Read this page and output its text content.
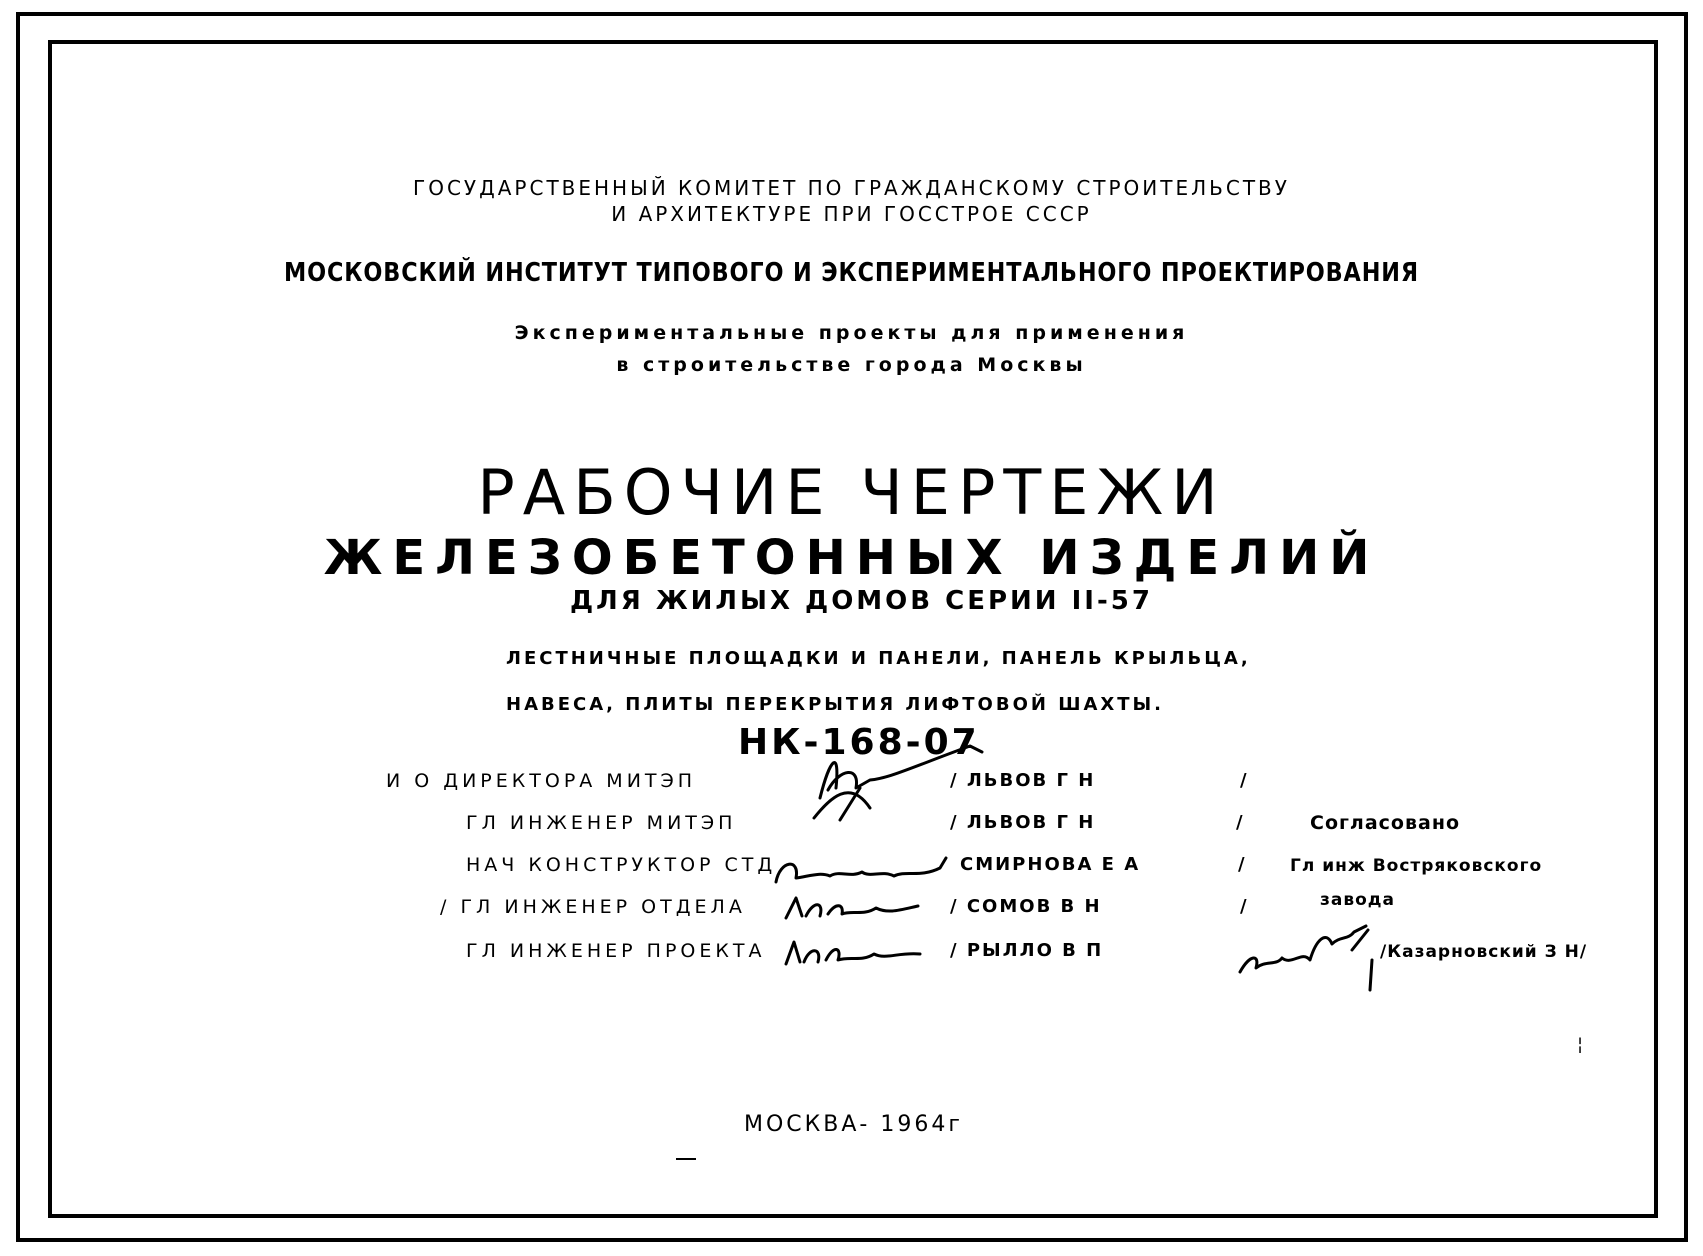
ГОСУДАРСТВЕННЫЙ КОМИТЕТ ПО ГРАЖДАНСКОМУ СТРОИТЕЛЬСТВУ
И АРХИТЕКТУРЕ ПРИ ГОССТРОЕ СССР
МОСКОВСКИЙ ИНСТИТУТ ТИПОВОГО И ЭКСПЕРИМЕНТАЛЬНОГО ПРОЕКТИРОВАНИЯ
Экспериментальные проекты для применения
в строительстве города Москвы
РАБОЧИЕ ЧЕРТЕЖИ
ЖЕЛЕЗОБЕТОННЫХ ИЗДЕЛИЙ
ДЛЯ ЖИЛЫХ ДОМОВ СЕРИИ II-57
ЛЕСТНИЧНЫЕ ПЛОЩАДКИ И ПАНЕЛИ, ПАНЕЛЬ КРЫЛЬЦА,
НАВЕСА, ПЛИТЫ ПЕРЕКРЫТИЯ ЛИФТОВОЙ ШАХТЫ.
НК-168-07
И О ДИРЕКТОРА МИТЭП
ГЛ ИНЖЕНЕР МИТЭП
НАЧ КОНСТРУКТОР СТД
/ ГЛ ИНЖЕНЕР ОТДЕЛА
ГЛ ИНЖЕНЕР ПРОЕКТА
/ ЛЬВОВ Г Н
/ ЛЬВОВ Г Н
СМИРНОВА Е А
/ СОМОВ В Н
/ РЫЛЛО В П
/
/
/
/
Согласовано
Гл инж Востряковского
завода
/Казарновский З Н/
¦
МОСКВА- 1964г
